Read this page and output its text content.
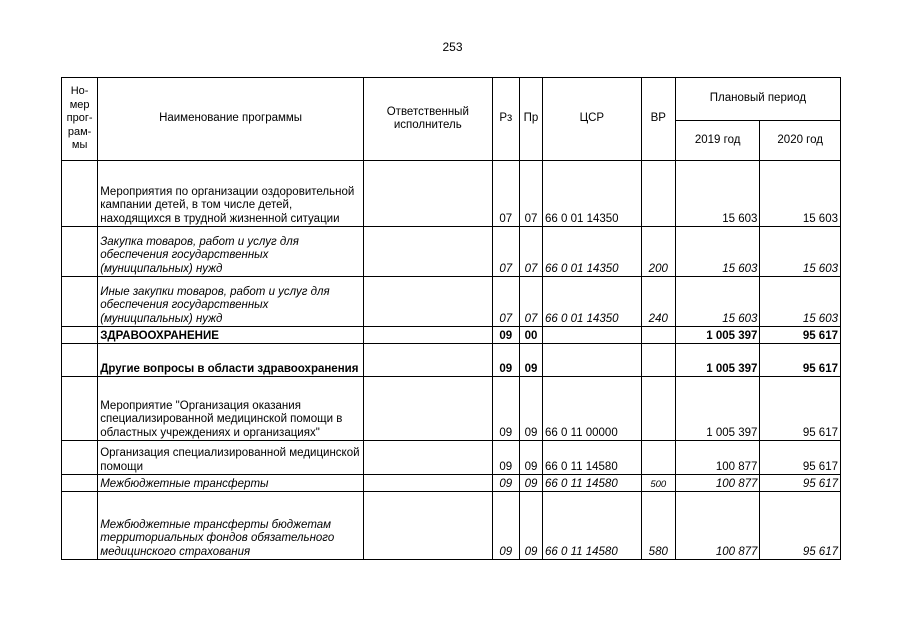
253
Но-
мер
прог-
рам-
мы	Наименование программы	Ответственный исполнитель	Рз	Пр	ЦСР	ВР	Плановый период	
							2019 год	2020 год
	Мероприятия по организации оздоровительной кампании детей, в том числе детей, находящихся в трудной жизненной ситуации		07	07	66 0 01 14350		15 603	15 603
	Закупка товаров, работ и услуг для обеспечения государственных (муниципальных) нужд		07	07	66 0 01 14350	200	15 603	15 603
	Иные закупки товаров, работ и услуг для обеспечения государственных (муниципальных) нужд		07	07	66 0 01 14350	240	15 603	15 603
	ЗДРАВООХРАНЕНИЕ		09	00			1 005 397	95 617
	Другие вопросы в области здравоохранения		09	09			1 005 397	95 617
	Мероприятие "Организация оказания специализированной медицинской помощи в областных учреждениях и организациях"		09	09	66 0 11 00000		1 005 397	95 617
	Организация специализированной медицинской помощи		09	09	66 0 11 14580		100 877	95 617
	Межбюджетные трансферты		09	09	66 0 11 14580	500	100 877	95 617
	Межбюджетные трансферты бюджетам территориальных фондов обязательного медицинского страхования		09	09	66 0 11 14580	580	100 877	95 617
